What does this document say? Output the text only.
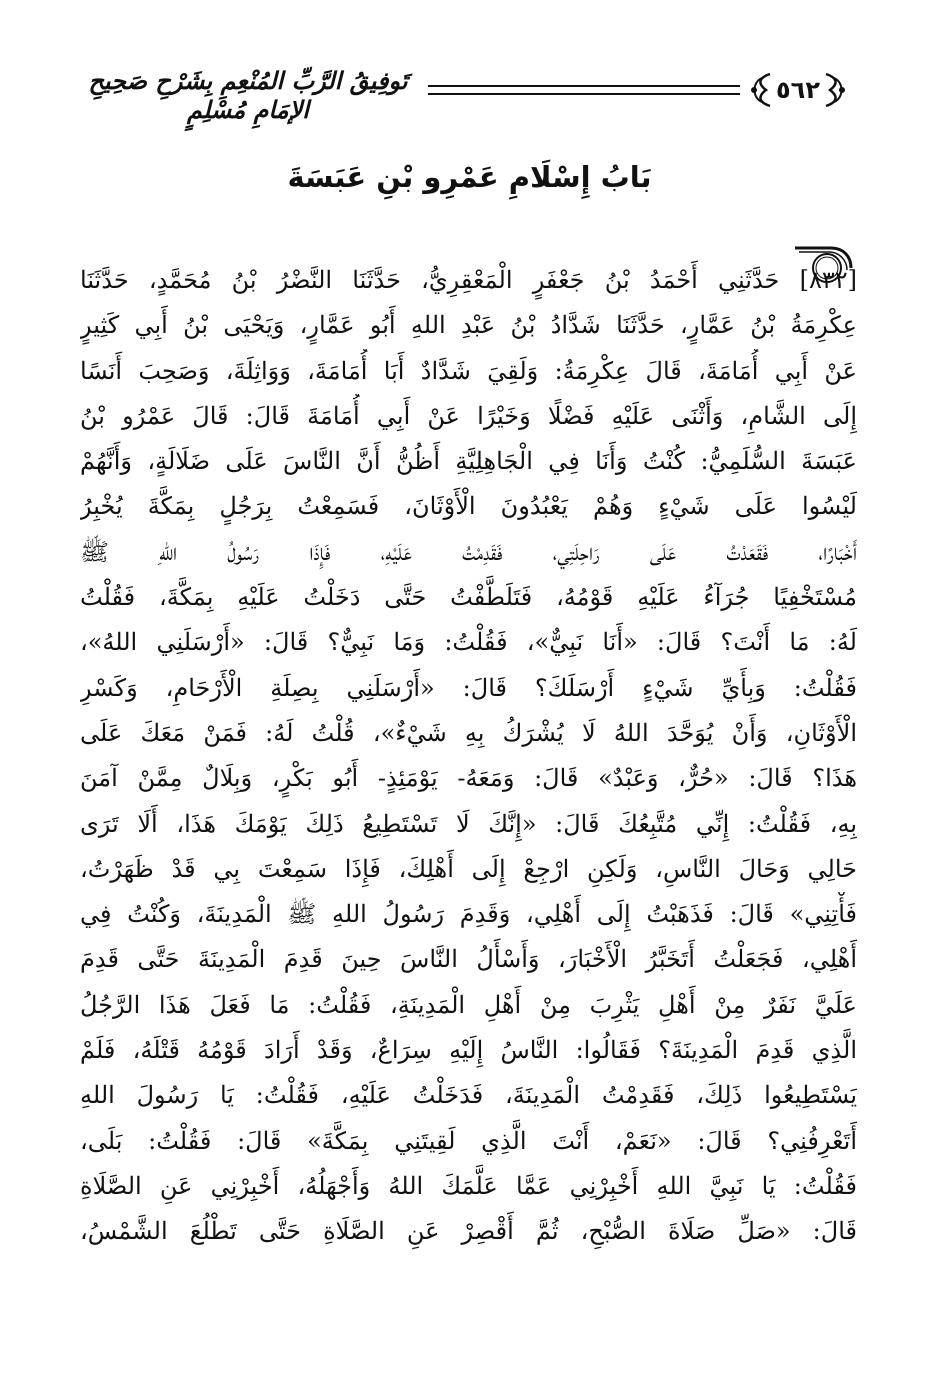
تَوفِيقُ الرَّبِّ المُنْعِمِ بِشَرْحِ صَحِيحِ الإمَامِ مُسْلِمٍ
٥٦٢
بَابُ إِسْلَامِ عَمْرِو بْنِ عَبَسَةَ
[٨٣٢] حَدَّثَنِي أَحْمَدُ بْنُ جَعْفَرٍ الْمَعْقِرِيُّ، حَدَّثَنَا النَّضْرُ بْنُ مُحَمَّدٍ، حَدَّثَنَا
عِكْرِمَةُ بْنُ عَمَّارٍ، حَدَّثَنَا شَدَّادُ بْنُ عَبْدِ اللهِ أَبُو عَمَّارٍ، وَيَحْيَى بْنُ أَبِي كَثِيرٍ
عَنْ أَبِي أُمَامَةَ، قَالَ عِكْرِمَةُ: وَلَقِيَ شَدَّادٌ أَبَا أُمَامَةَ، وَوَاثِلَةَ، وَصَحِبَ أَنَسًا
إِلَى الشَّامِ، وَأَثْنَى عَلَيْهِ فَضْلًا وَخَيْرًا عَنْ أَبِي أُمَامَةَ قَالَ: قَالَ عَمْرُو بْنُ
عَبَسَةَ السُّلَمِيُّ: كُنْتُ وَأَنَا فِي الْجَاهِلِيَّةِ أَظُنُّ أَنَّ النَّاسَ عَلَى ضَلَالَةٍ، وَأَنَّهُمْ
لَيْسُوا عَلَى شَيْءٍ وَهُمْ يَعْبُدُونَ الْأَوْثَانَ، فَسَمِعْتُ بِرَجُلٍ بِمَكَّةَ يُخْبِرُ
أَخْبَارًا، فَقَعَدْتُ عَلَى رَاحِلَتِي، فَقَدِمْتُ عَلَيْهِ، فَإِذَا رَسُولُ اللهِ ﷺ
مُسْتَخْفِيًا جُرَآءُ عَلَيْهِ قَوْمُهُ، فَتَلَطَّفْتُ حَتَّى دَخَلْتُ عَلَيْهِ بِمَكَّةَ، فَقُلْتُ
لَهُ: مَا أَنْتَ؟ قَالَ: «أَنَا نَبِيٌّ»، فَقُلْتُ: وَمَا نَبِيٌّ؟ قَالَ: «أَرْسَلَنِي اللهُ»،
فَقُلْتُ: وَبِأَيِّ شَيْءٍ أَرْسَلَكَ؟ قَالَ: «أَرْسَلَنِي بِصِلَةِ الْأَرْحَامِ، وَكَسْرِ
الْأَوْثَانِ، وَأَنْ يُوَحَّدَ اللهُ لَا يُشْرَكُ بِهِ شَيْءٌ»، قُلْتُ لَهُ: فَمَنْ مَعَكَ عَلَى
هَذَا؟ قَالَ: «حُرٌّ، وَعَبْدٌ» قَالَ: وَمَعَهُ- يَوْمَئِذٍ- أَبُو بَكْرٍ، وَبِلَالٌ مِمَّنْ آمَنَ
بِهِ، فَقُلْتُ: إِنِّي مُتَّبِعُكَ قَالَ: «إِنَّكَ لَا تَسْتَطِيعُ ذَلِكَ يَوْمَكَ هَذَا، أَلَا تَرَى
حَالِي وَحَالَ النَّاسِ، وَلَكِنِ ارْجِعْ إِلَى أَهْلِكَ، فَإِذَا سَمِعْتَ بِي قَدْ ظَهَرْتُ،
فَأْتِنِي» قَالَ: فَذَهَبْتُ إِلَى أَهْلِي، وَقَدِمَ رَسُولُ اللهِ ﷺ الْمَدِينَةَ، وَكُنْتُ فِي
أَهْلِي، فَجَعَلْتُ أَتَخَبَّرُ الْأَخْبَارَ، وَأَسْأَلُ النَّاسَ حِينَ قَدِمَ الْمَدِينَةَ حَتَّى قَدِمَ
عَلَيَّ نَفَرٌ مِنْ أَهْلِ يَثْرِبَ مِنْ أَهْلِ الْمَدِينَةِ، فَقُلْتُ: مَا فَعَلَ هَذَا الرَّجُلُ
الَّذِي قَدِمَ الْمَدِينَةَ؟ فَقَالُوا: النَّاسُ إِلَيْهِ سِرَاعٌ، وَقَدْ أَرَادَ قَوْمُهُ قَتْلَهُ، فَلَمْ
يَسْتَطِيعُوا ذَلِكَ، فَقَدِمْتُ الْمَدِينَةَ، فَدَخَلْتُ عَلَيْهِ، فَقُلْتُ: يَا رَسُولَ اللهِ
أَتَعْرِفُنِي؟ قَالَ: «نَعَمْ، أَنْتَ الَّذِي لَقِيتَنِي بِمَكَّةَ» قَالَ: فَقُلْتُ: بَلَى،
فَقُلْتُ: يَا نَبِيَّ اللهِ أَخْبِرْنِي عَمَّا عَلَّمَكَ اللهُ وَأَجْهَلُهُ، أَخْبِرْنِي عَنِ الصَّلَاةِ
قَالَ: «صَلِّ صَلَاةَ الصُّبْحِ، ثُمَّ أَقْصِرْ عَنِ الصَّلَاةِ حَتَّى تَطْلُعَ الشَّمْسُ،
